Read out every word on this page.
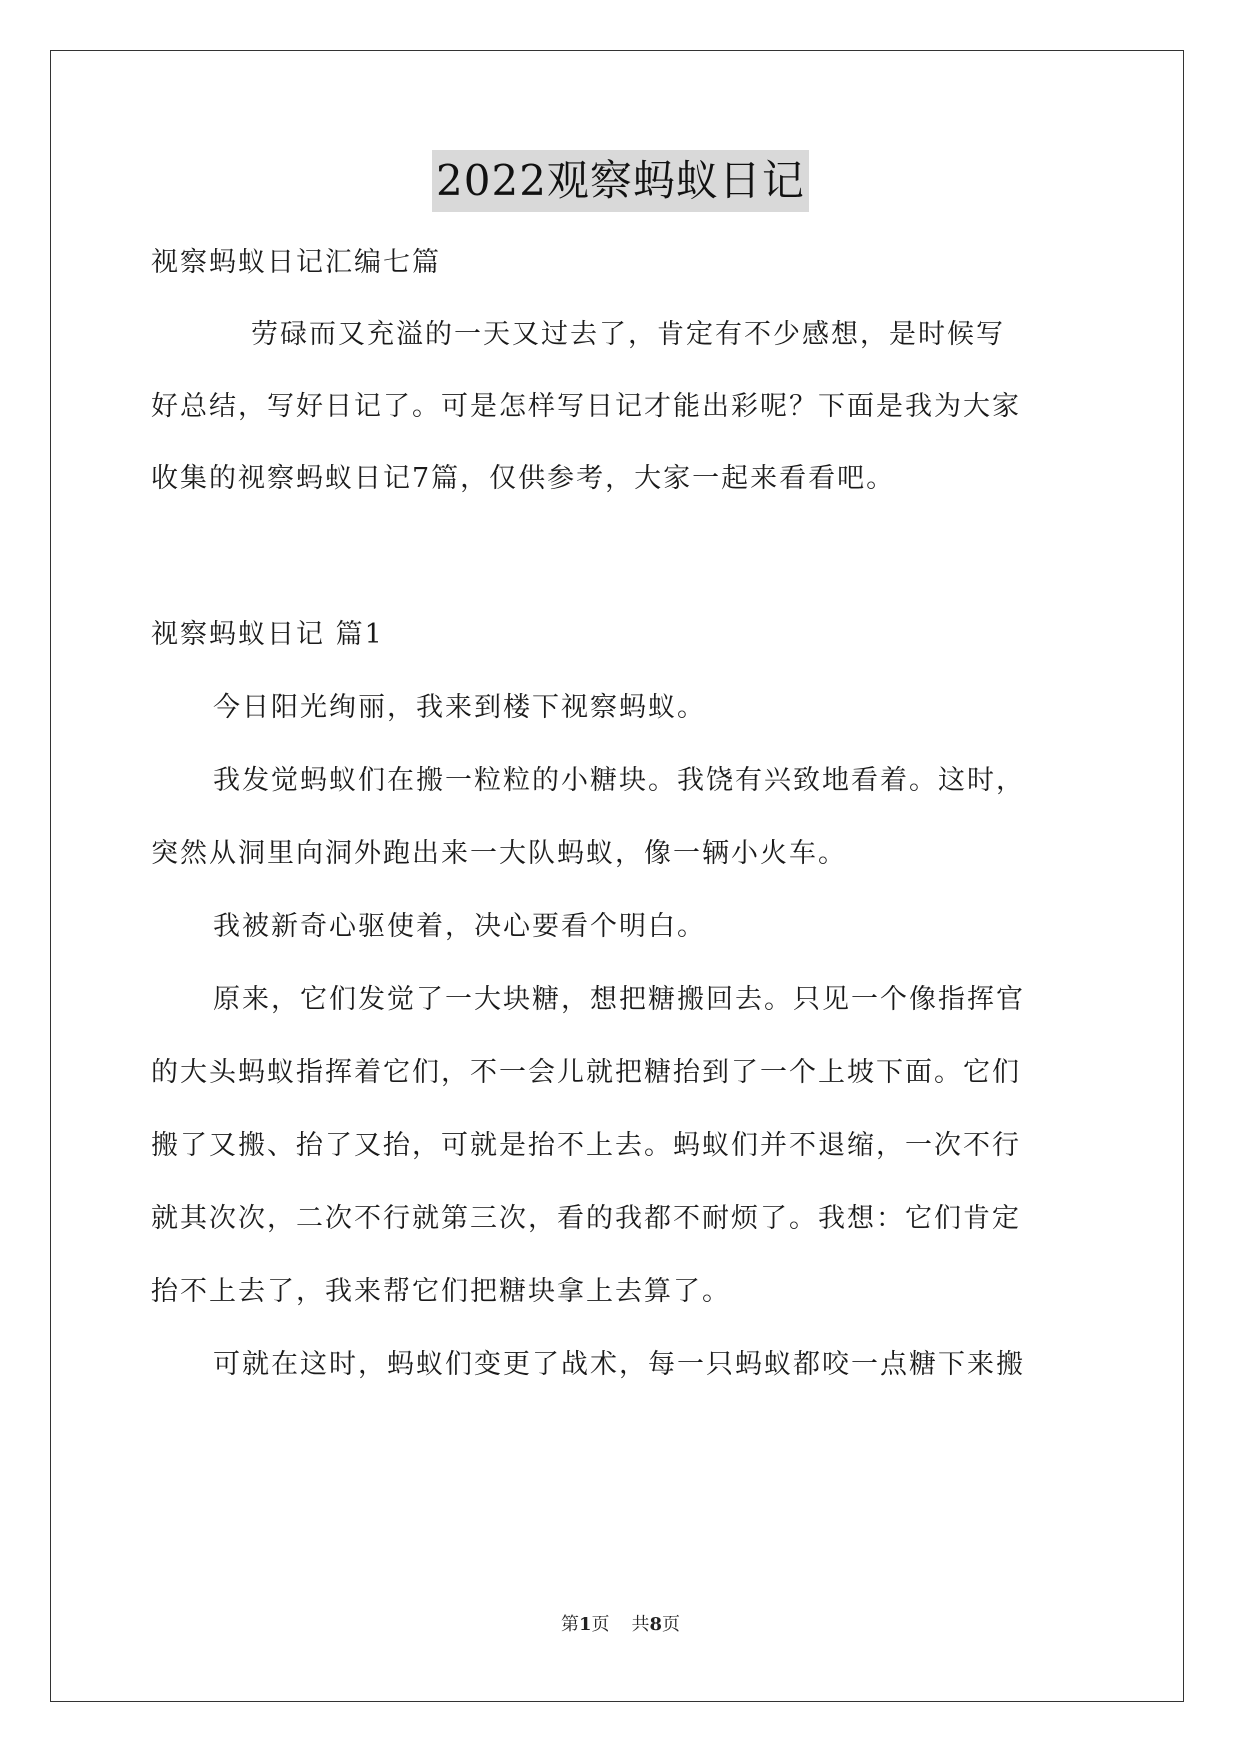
2022观察蚂蚁日记
视察蚂蚁日记汇编七篇
劳碌而又充溢的一天又过去了，肯定有不少感想，是时候写
好总结，写好日记了。可是怎样写日记才能出彩呢？下面是我为大家
收集的视察蚂蚁日记7篇，仅供参考，大家一起来看看吧。
视察蚂蚁日记 篇1
今日阳光绚丽，我来到楼下视察蚂蚁。
我发觉蚂蚁们在搬一粒粒的小糖块。我饶有兴致地看着。这时，
突然从洞里向洞外跑出来一大队蚂蚁，像一辆小火车。
我被新奇心驱使着，决心要看个明白。
原来，它们发觉了一大块糖，想把糖搬回去。只见一个像指挥官
的大头蚂蚁指挥着它们，不一会儿就把糖抬到了一个上坡下面。它们
搬了又搬、抬了又抬，可就是抬不上去。蚂蚁们并不退缩，一次不行
就其次次，二次不行就第三次，看的我都不耐烦了。我想：它们肯定
抬不上去了，我来帮它们把糖块拿上去算了。
可就在这时，蚂蚁们变更了战术，每一只蚂蚁都咬一点糖下来搬
第1页 共8页
